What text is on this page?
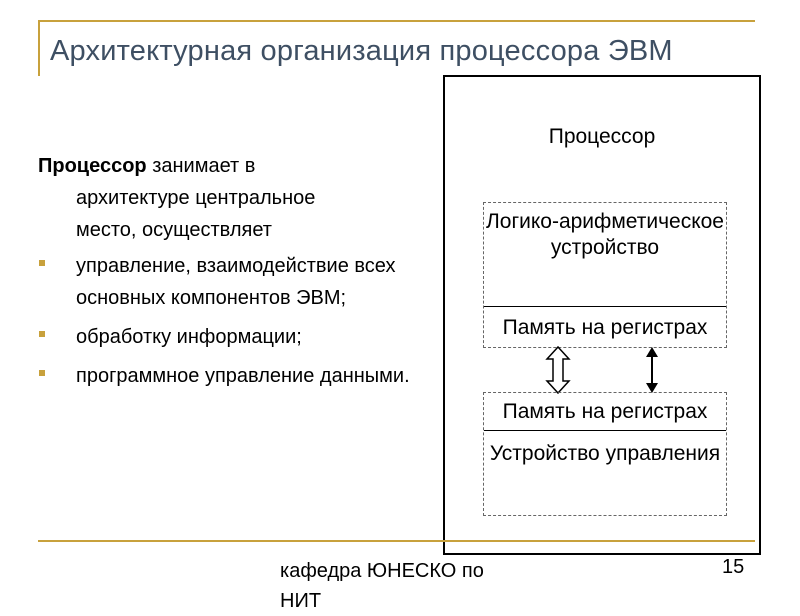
Архитектурная организация процессора ЭВМ

Процессор занимает в

архитектуре центральное
место, осуществляет
управление, взаимодействие всех основных компонентов ЭВМ;
обработку информации;
программное управление данными.
Процессор
Логико-арифметическое устройство
Память на регистрах
Память на регистрах
Устройство управления
кафедра ЮНЕСКО по НИТ
15
